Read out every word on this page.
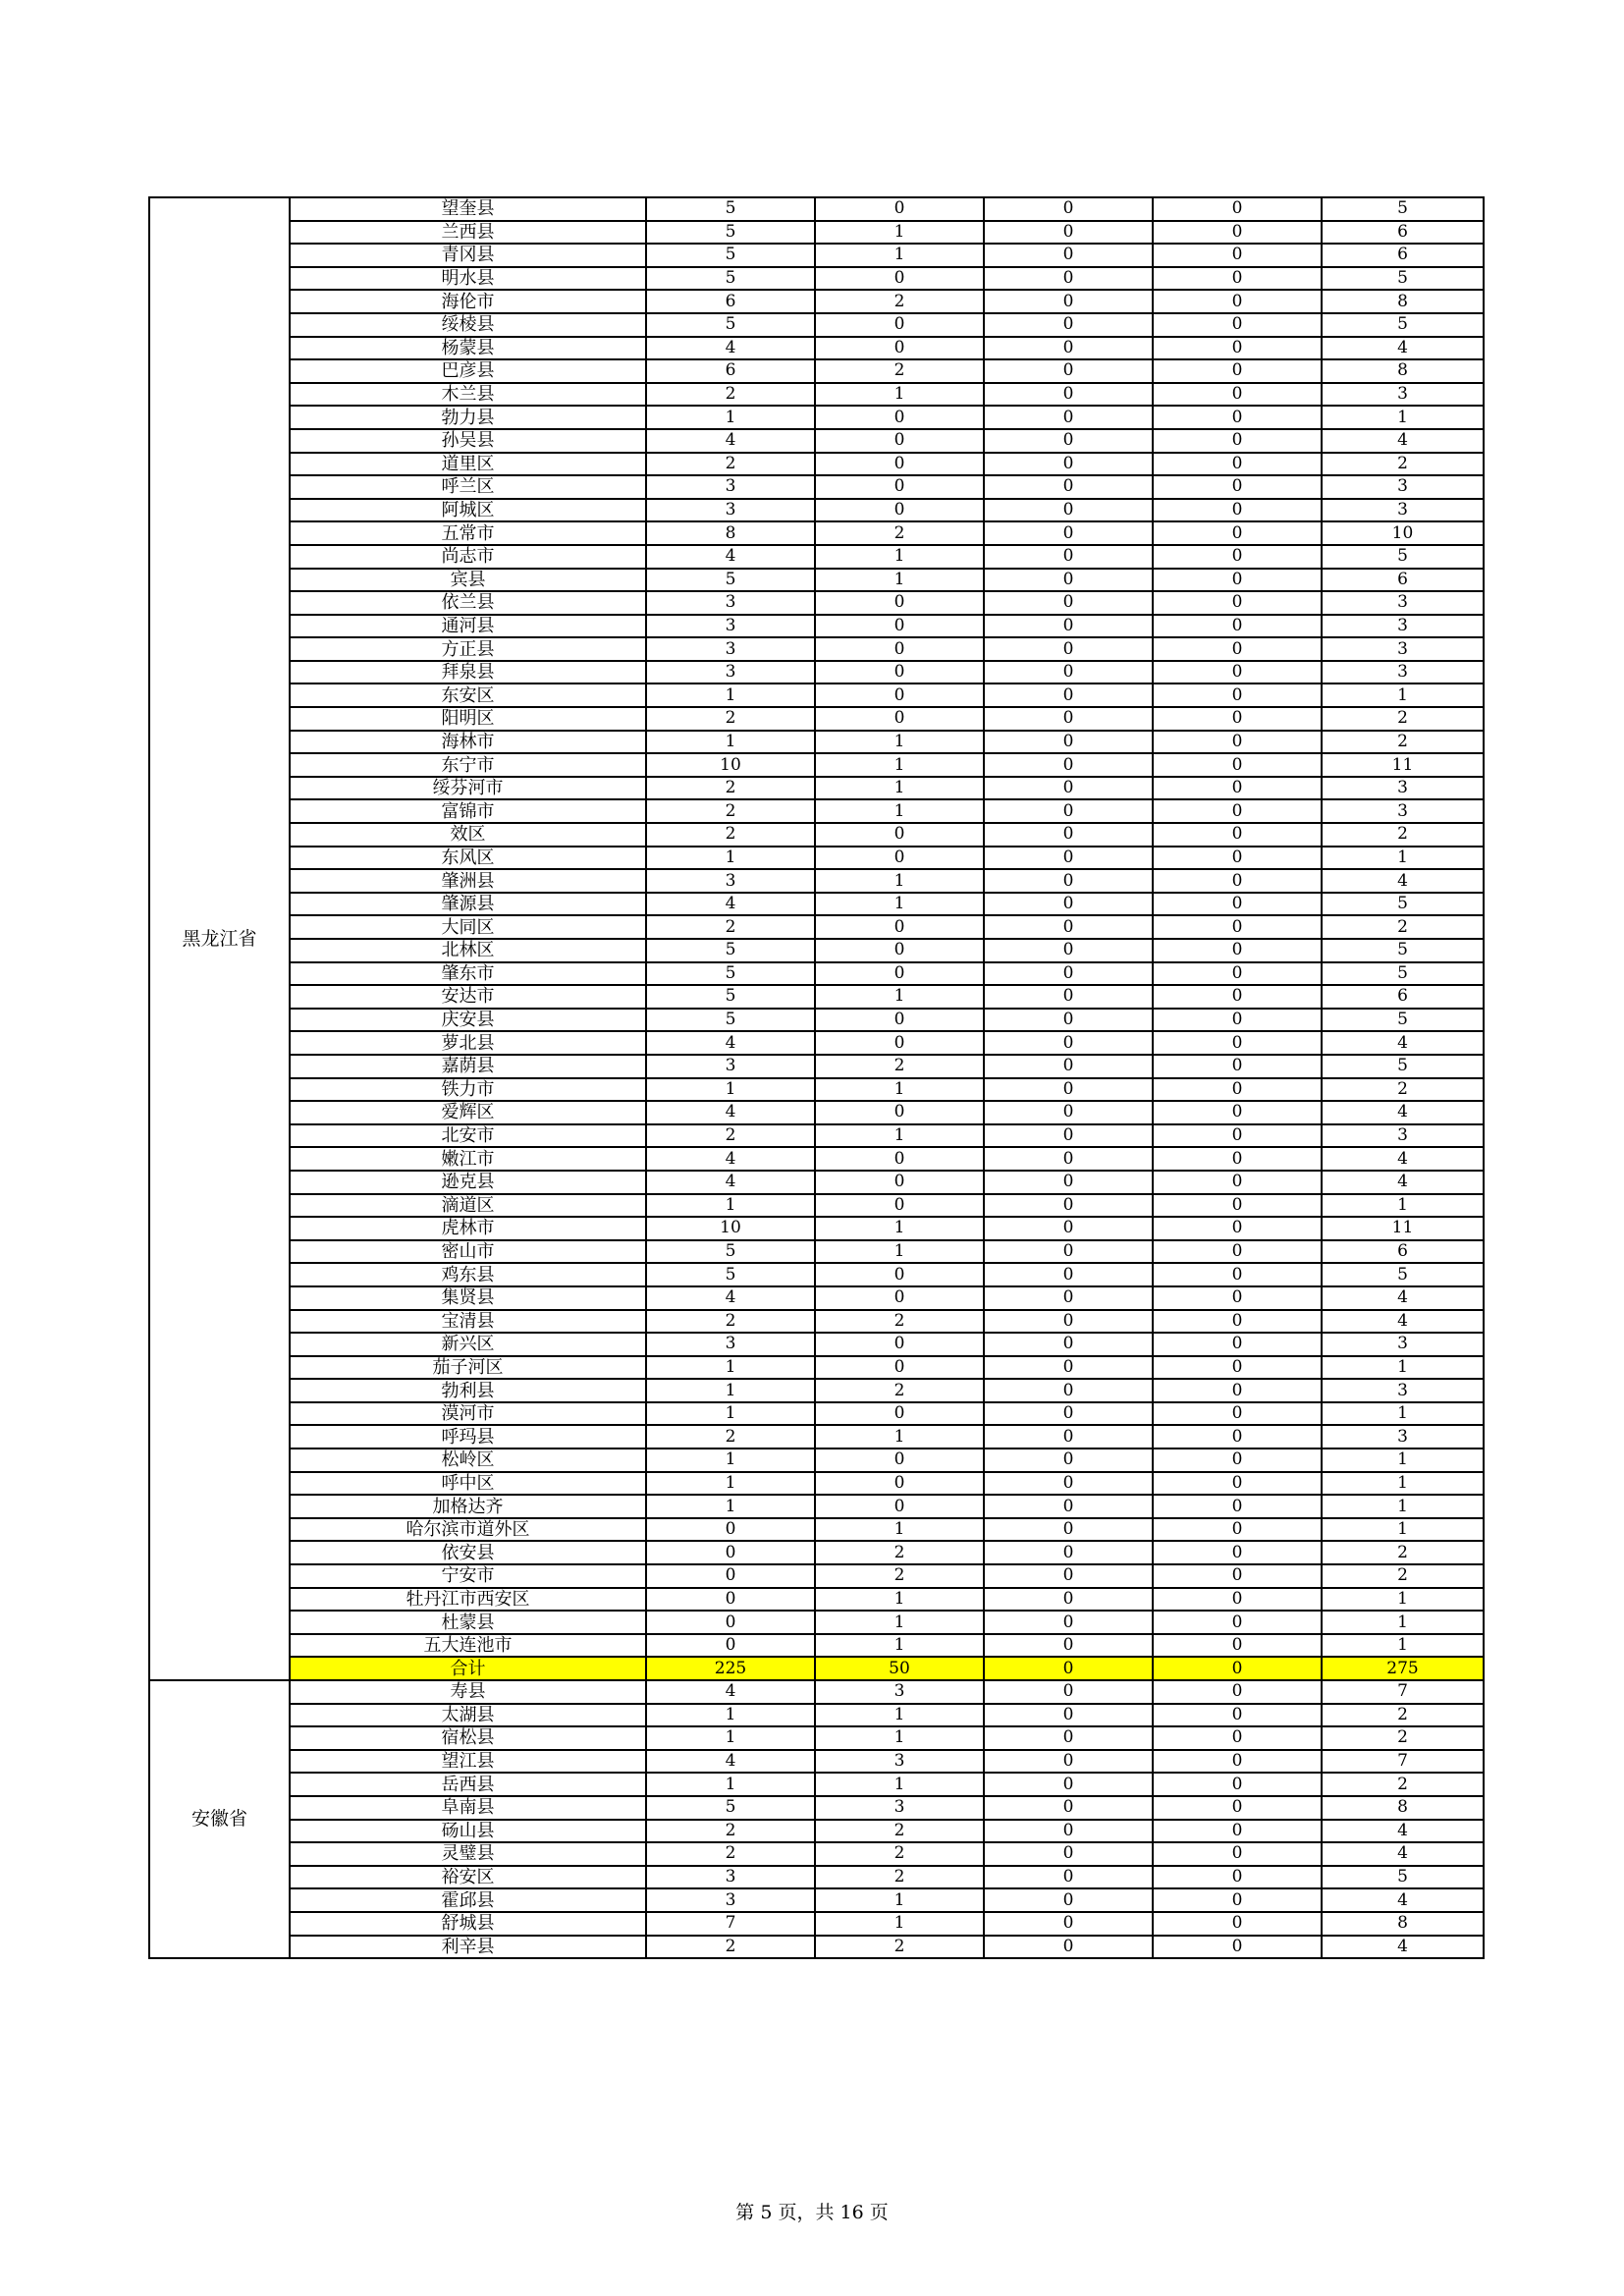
黑龙江省	望奎县	5	0	0	0	5
	兰西县	5	1	0	0	6
	青冈县	5	1	0	0	6
	明水县	5	0	0	0	5
	海伦市	6	2	0	0	8
	绥棱县	5	0	0	0	5
	杨蒙县	4	0	0	0	4
	巴彦县	6	2	0	0	8
	木兰县	2	1	0	0	3
	勃力县	1	0	0	0	1
	孙吴县	4	0	0	0	4
	道里区	2	0	0	0	2
	呼兰区	3	0	0	0	3
	阿城区	3	0	0	0	3
	五常市	8	2	0	0	10
	尚志市	4	1	0	0	5
	宾县	5	1	0	0	6
	依兰县	3	0	0	0	3
	通河县	3	0	0	0	3
	方正县	3	0	0	0	3
	拜泉县	3	0	0	0	3
	东安区	1	0	0	0	1
	阳明区	2	0	0	0	2
	海林市	1	1	0	0	2
	东宁市	10	1	0	0	11
	绥芬河市	2	1	0	0	3
	富锦市	2	1	0	0	3
	效区	2	0	0	0	2
	东风区	1	0	0	0	1
	肇洲县	3	1	0	0	4
	肇源县	4	1	0	0	5
	大同区	2	0	0	0	2
	北林区	5	0	0	0	5
	肇东市	5	0	0	0	5
	安达市	5	1	0	0	6
	庆安县	5	0	0	0	5
	萝北县	4	0	0	0	4
	嘉荫县	3	2	0	0	5
	铁力市	1	1	0	0	2
	爱辉区	4	0	0	0	4
	北安市	2	1	0	0	3
	嫩江市	4	0	0	0	4
	逊克县	4	0	0	0	4
	滴道区	1	0	0	0	1
	虎林市	10	1	0	0	11
	密山市	5	1	0	0	6
	鸡东县	5	0	0	0	5
	集贤县	4	0	0	0	4
	宝清县	2	2	0	0	4
	新兴区	3	0	0	0	3
	茄子河区	1	0	0	0	1
	勃利县	1	2	0	0	3
	漠河市	1	0	0	0	1
	呼玛县	2	1	0	0	3
	松岭区	1	0	0	0	1
	呼中区	1	0	0	0	1
	加格达齐	1	0	0	0	1
	哈尔滨市道外区	0	1	0	0	1
	依安县	0	2	0	0	2
	宁安市	0	2	0	0	2
	牡丹江市西安区	0	1	0	0	1
	杜蒙县	0	1	0	0	1
	五大连池市	0	1	0	0	1
	合计	225	50	0	0	275
安徽省	寿县	4	3	0	0	7
	太湖县	1	1	0	0	2
	宿松县	1	1	0	0	2
	望江县	4	3	0	0	7
	岳西县	1	1	0	0	2
	阜南县	5	3	0	0	8
	砀山县	2	2	0	0	4
	灵璧县	2	2	0	0	4
	裕安区	3	2	0	0	5
	霍邱县	3	1	0	0	4
	舒城县	7	1	0	0	8
	利辛县	2	2	0	0	4
第 5 页，共 16 页
